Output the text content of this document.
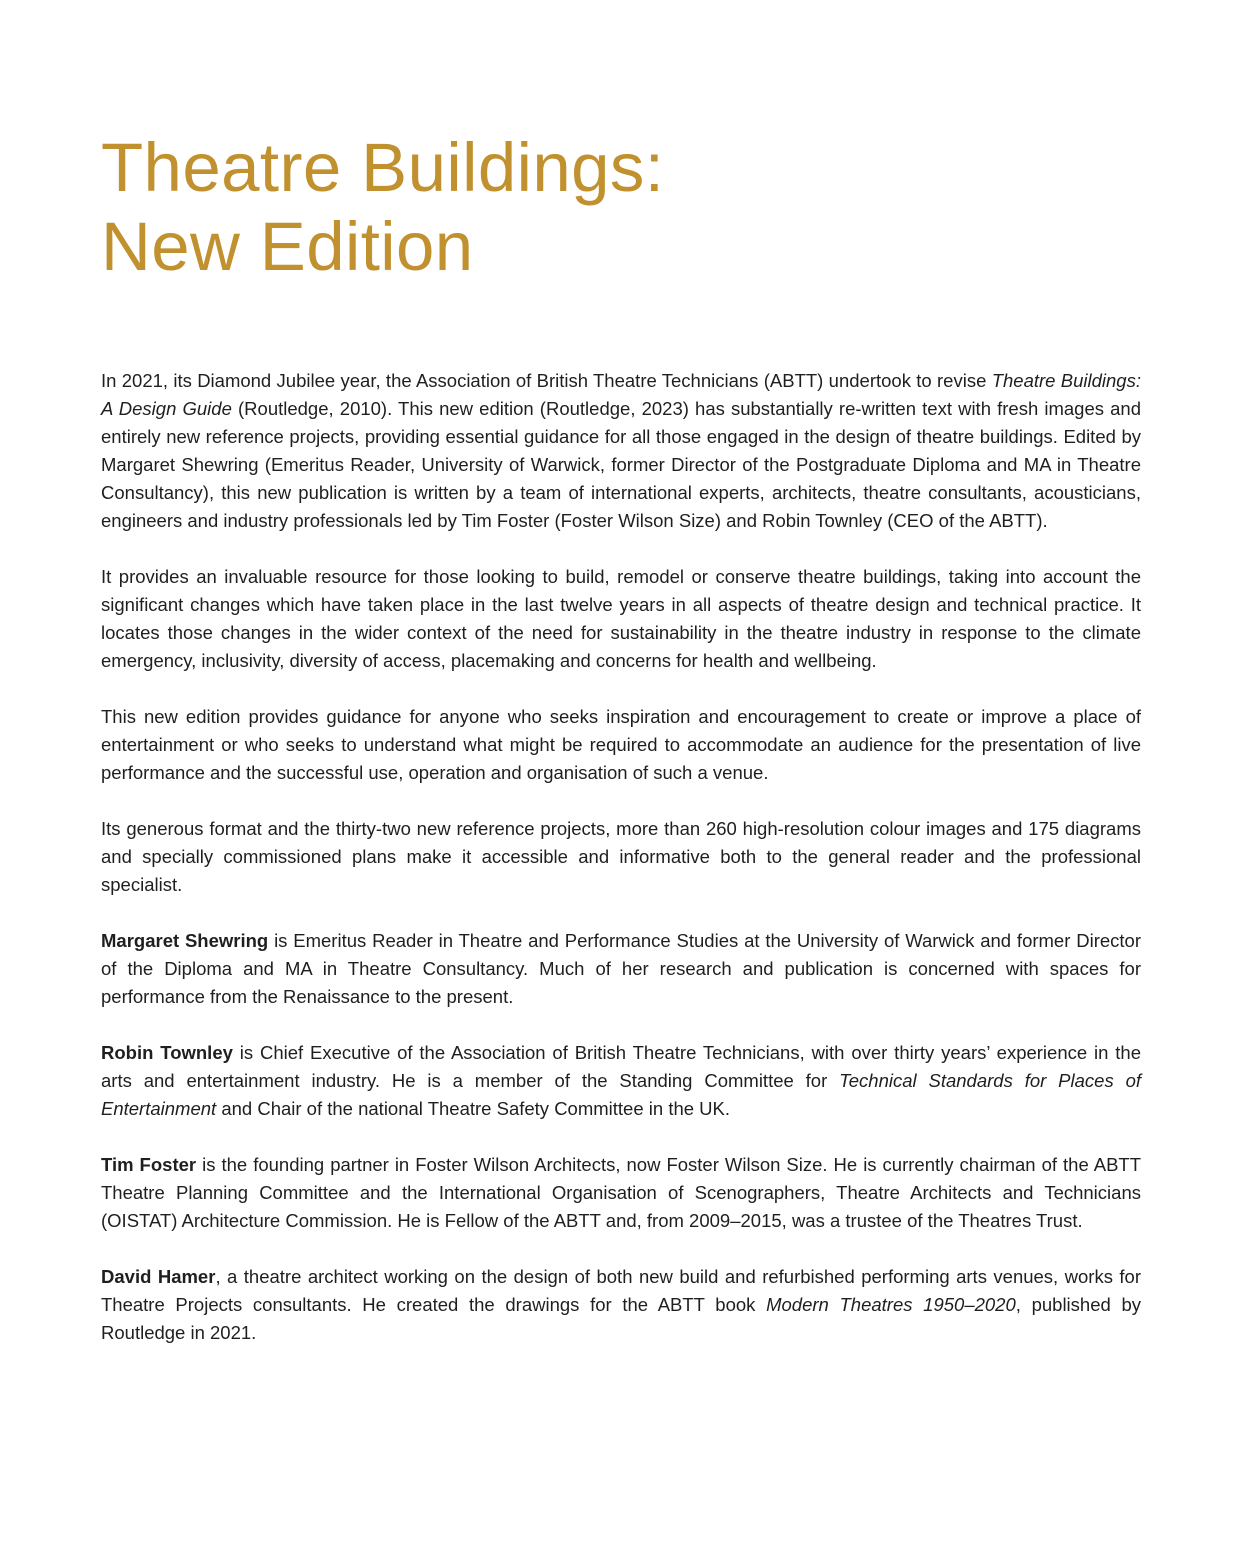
Theatre Buildings:
New Edition

In 2021, its Diamond Jubilee year, the Association of British Theatre Technicians (ABTT) undertook to revise Theatre Buildings: A Design Guide (Routledge, 2010). This new edition (Routledge, 2023) has substantially re-written text with fresh images and entirely new reference projects, providing essential guidance for all those engaged in the design of theatre buildings. Edited by Margaret Shewring (Emeritus Reader, University of Warwick, former Director of the Postgraduate Diploma and MA in Theatre Consultancy), this new publication is written by a team of international experts, architects, theatre consultants, acousticians, engineers and industry professionals led by Tim Foster (Foster Wilson Size) and Robin Townley (CEO of the ABTT).

It provides an invaluable resource for those looking to build, remodel or conserve theatre buildings, taking into account the significant changes which have taken place in the last twelve years in all aspects of theatre design and technical practice. It locates those changes in the wider context of the need for sustainability in the theatre industry in response to the climate emergency, inclusivity, diversity of access, placemaking and concerns for health and wellbeing.

This new edition provides guidance for anyone who seeks inspiration and encouragement to create or improve a place of entertainment or who seeks to understand what might be required to accommodate an audience for the presentation of live performance and the successful use, operation and organisation of such a venue.

Its generous format and the thirty-two new reference projects, more than 260 high-resolution colour images and 175 diagrams and specially commissioned plans make it accessible and informative both to the general reader and the professional specialist.

Margaret Shewring is Emeritus Reader in Theatre and Performance Studies at the University of Warwick and former Director of the Diploma and MA in Theatre Consultancy. Much of her research and publication is concerned with spaces for performance from the Renaissance to the present.

Robin Townley is Chief Executive of the Association of British Theatre Technicians, with over thirty years’ experience in the arts and entertainment industry. He is a member of the Standing Committee for Technical Standards for Places of Entertainment and Chair of the national Theatre Safety Committee in the UK.

Tim Foster is the founding partner in Foster Wilson Architects, now Foster Wilson Size. He is currently chairman of the ABTT Theatre Planning Committee and the International Organisation of Scenographers, Theatre Architects and Technicians (OISTAT) Architecture Commission. He is Fellow of the ABTT and, from 2009–2015, was a trustee of the Theatres Trust.

David Hamer, a theatre architect working on the design of both new build and refurbished performing arts venues, works for Theatre Projects consultants. He created the drawings for the ABTT book Modern Theatres 1950–2020, published by Routledge in 2021.
